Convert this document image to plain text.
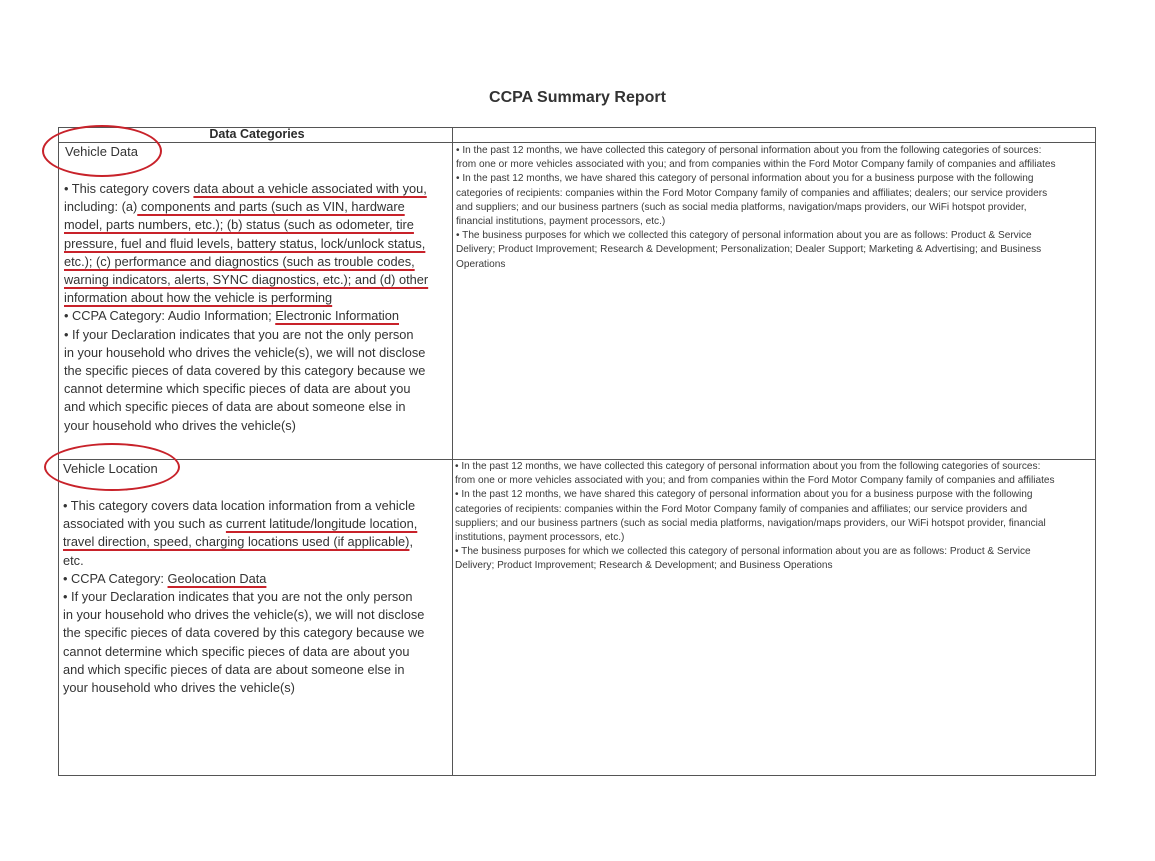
CCPA Summary Report
Data Categories
Vehicle Data
• This category covers data about a vehicle associated with you,
including: (a) components and parts (such as VIN, hardware
model, parts numbers, etc.); (b) status (such as odometer, tire
pressure, fuel and fluid levels, battery status, lock/unlock status,
etc.); (c) performance and diagnostics (such as trouble codes,
warning indicators, alerts, SYNC diagnostics, etc.); and (d) other
information about how the vehicle is performing
• CCPA Category: Audio Information; Electronic Information
• If your Declaration indicates that you are not the only person
in your household who drives the vehicle(s), we will not disclose
the specific pieces of data covered by this category because we
cannot determine which specific pieces of data are about you
and which specific pieces of data are about someone else in
your household who drives the vehicle(s)
• In the past 12 months, we have collected this category of personal information about you from the following categories of sources:
from one or more vehicles associated with you; and from companies within the Ford Motor Company family of companies and affiliates
• In the past 12 months, we have shared this category of personal information about you for a business purpose with the following
categories of recipients: companies within the Ford Motor Company family of companies and affiliates; dealers; our service providers
and suppliers; and our business partners (such as social media platforms, navigation/maps providers, our WiFi hotspot provider,
financial institutions, payment processors, etc.)
• The business purposes for which we collected this category of personal information about you are as follows: Product & Service
Delivery; Product Improvement; Research & Development; Personalization; Dealer Support; Marketing & Advertising; and Business
Operations
Vehicle Location
• This category covers data location information from a vehicle
associated with you such as current latitude/longitude location,
travel direction, speed, charging locations used (if applicable),
etc.
• CCPA Category: Geolocation Data
• If your Declaration indicates that you are not the only person
in your household who drives the vehicle(s), we will not disclose
the specific pieces of data covered by this category because we
cannot determine which specific pieces of data are about you
and which specific pieces of data are about someone else in
your household who drives the vehicle(s)
• In the past 12 months, we have collected this category of personal information about you from the following categories of sources:
from one or more vehicles associated with you; and from companies within the Ford Motor Company family of companies and affiliates
• In the past 12 months, we have shared this category of personal information about you for a business purpose with the following
categories of recipients: companies within the Ford Motor Company family of companies and affiliates; our service providers and
suppliers; and our business partners (such as social media platforms, navigation/maps providers, our WiFi hotspot provider, financial
institutions, payment processors, etc.)
• The business purposes for which we collected this category of personal information about you are as follows: Product & Service
Delivery; Product Improvement; Research & Development; and Business Operations
